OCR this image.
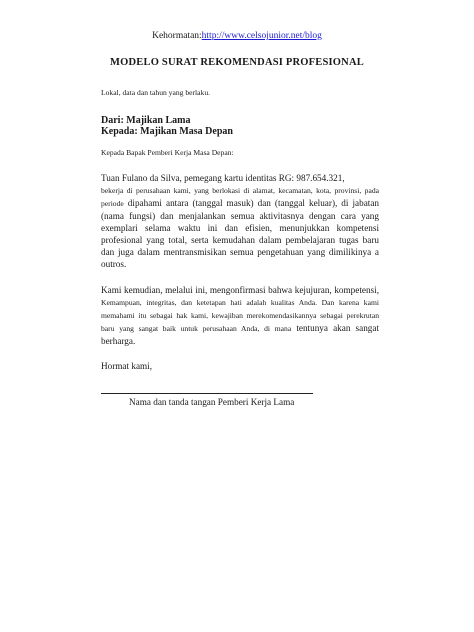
Kehormatan:http://www.celsojunior.net/blog
MODELO SURAT REKOMENDASI PROFESIONAL

Lokal, data dan tahun yang berlaku.

Dari: Majikan Lama
Kepada: Majikan Masa Depan
Kepada Bapak Pemberi Kerja Masa Depan:
Tuan Fulano da Silva, pemegang kartu identitas RG: 987.654.321,
bekerja di perusahaan kami, yang berlokasi di alamat, kecamatan, kota, provinsi, pada periode dipahami antara (tanggal masuk) dan (tanggal keluar), di jabatan (nama fungsi) dan menjalankan semua aktivitasnya dengan cara yang exemplari selama waktu ini dan efisien, menunjukkan kompetensi profesional yang total, serta kemudahan dalam pembelajaran tugas baru dan juga dalam mentransmisikan semua pengetahuan yang dimilikinya a outros.
Kami kemudian, melalui ini, mengonfirmasi bahwa kejujuran, kompetensi, Kemampuan, integritas, dan ketetapan hati adalah kualitas Anda. Dan karena kami memahami itu sebagai hak kami, kewajiban merekomendasikannya sebagai perekrutan baru yang sangat baik untuk perusahaan Anda, di mana tentunya akan sangat berharga.
Hormat kami,
Nama dan tanda tangan Pemberi Kerja Lama
